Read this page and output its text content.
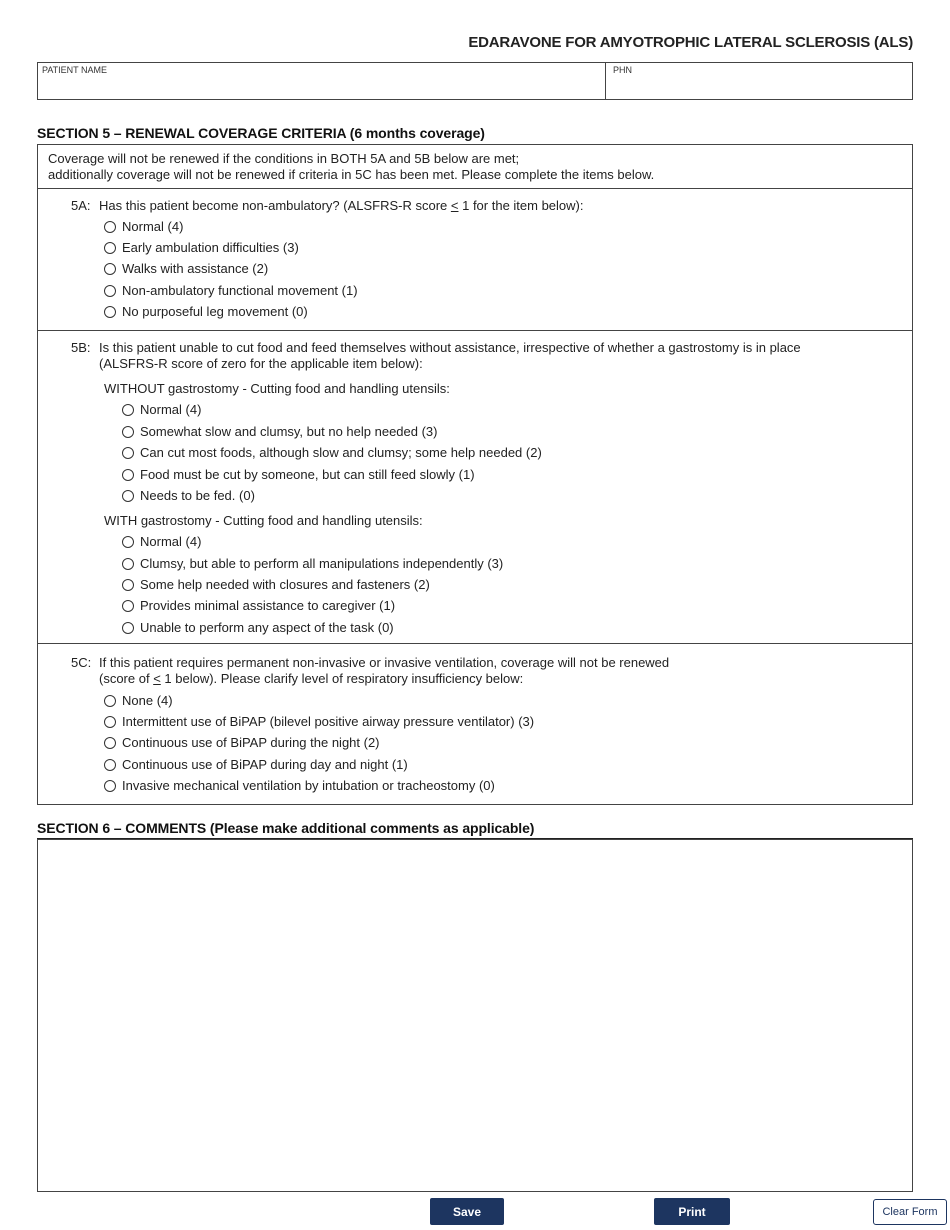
EDARAVONE FOR AMYOTROPHIC LATERAL SCLEROSIS (ALS)
PATIENT NAME	PHN
SECTION 5 – RENEWAL COVERAGE CRITERIA (6 months coverage)
Coverage will not be renewed if the conditions in BOTH 5A and 5B below are met;
additionally coverage will not be renewed if criteria in 5C has been met. Please complete the items below.
5A: Has this patient become non-ambulatory? (ALSFRS-R score ≤ 1 for the item below):
Normal (4)
Early ambulation difficulties (3)
Walks with assistance (2)
Non-ambulatory functional movement (1)
No purposeful leg movement (0)
5B: Is this patient unable to cut food and feed themselves without assistance, irrespective of whether a gastrostomy is in place
(ALSFRS-R score of zero for the applicable item below):
WITHOUT gastrostomy - Cutting food and handling utensils:
Normal (4)
Somewhat slow and clumsy, but no help needed (3)
Can cut most foods, although slow and clumsy; some help needed (2)
Food must be cut by someone, but can still feed slowly (1)
Needs to be fed. (0)
WITH gastrostomy - Cutting food and handling utensils:
Normal (4)
Clumsy, but able to perform all manipulations independently (3)
Some help needed with closures and fasteners (2)
Provides minimal assistance to caregiver (1)
Unable to perform any aspect of the task (0)
5C: If this patient requires permanent non-invasive or invasive ventilation, coverage will not be renewed
(score of ≤ 1 below). Please clarify level of respiratory insufficiency below:
None (4)
Intermittent use of BiPAP (bilevel positive airway pressure ventilator) (3)
Continuous use of BiPAP during the night (2)
Continuous use of BiPAP during day and night (1)
Invasive mechanical ventilation by intubation or tracheostomy (0)
SECTION 6 – COMMENTS (Please make additional comments as applicable)
Save	Print	Clear Form
